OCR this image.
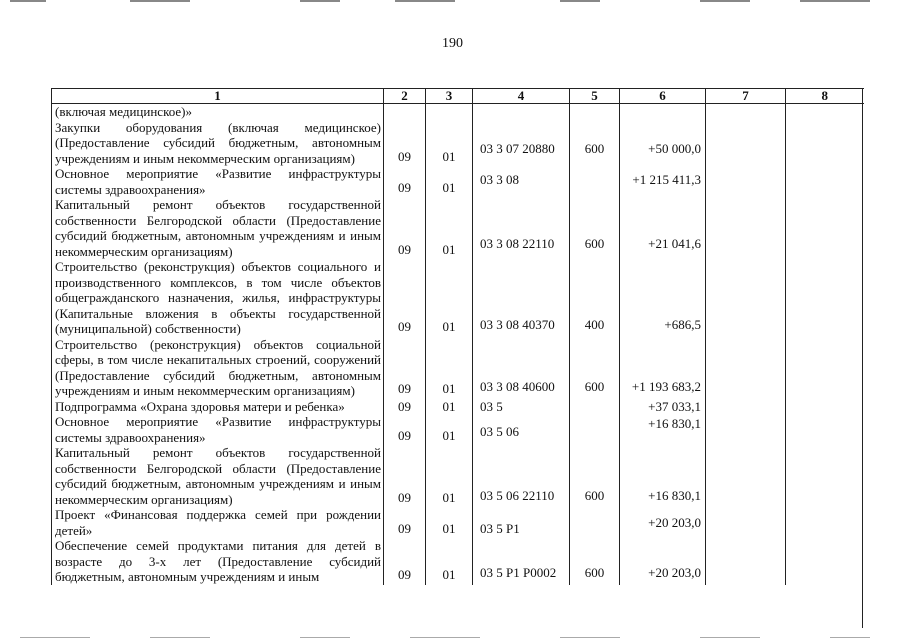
190
1	2	3	4	5	6	7	8
(включая медицинское)»							
Закупки оборудования (включая медицинское) (Предоставление субсидий бюджетным, автономным учреждениям и иным некоммерческим организациям)	09	01	03 3 07 20880	600	+50 000,0		
Основное мероприятие «Развитие инфраструктуры системы здравоохранения»	09	01	03 3 08		+1 215 411,3		
Капитальный ремонт объектов государственной собственности Белгородской области (Предоставление субсидий бюджетным, автономным учреждениям и иным некоммерческим организациям)	09	01	03 3 08 22110	600	+21 041,6		
Строительство (реконструкция) объектов социального и производственного комплексов, в том числе объектов общегражданского назначения, жилья, инфраструктуры (Капитальные вложения в объекты государственной (муниципальной) собственности)	09	01	03 3 08 40370	400	+686,5		
Строительство (реконструкция) объектов социальной сферы, в том числе некапитальных строений, сооружений (Предоставление субсидий бюджетным, автономным учреждениям и иным некоммерческим организациям)	09	01	03 3 08 40600	600	+1 193 683,2		
Подпрограмма «Охрана здоровья матери и ребенка»	09	01	03 5		+37 033,1		
Основное мероприятие «Развитие инфраструктуры системы здравоохранения»	09	01	03 5 06		+16 830,1		
Капитальный ремонт объектов государственной собственности Белгородской области (Предоставление субсидий бюджетным, автономным учреждениям и иным некоммерческим организациям)	09	01	03 5 06 22110	600	+16 830,1		
Проект «Финансовая поддержка семей при рождении детей»	09	01	03 5 P1		+20 203,0		
Обеспечение семей продуктами питания для детей в возрасте до 3-х лет (Предоставление субсидий бюджетным, автономным учреждениям и иным	09	01	03 5 P1 P0002	600	+20 203,0		
